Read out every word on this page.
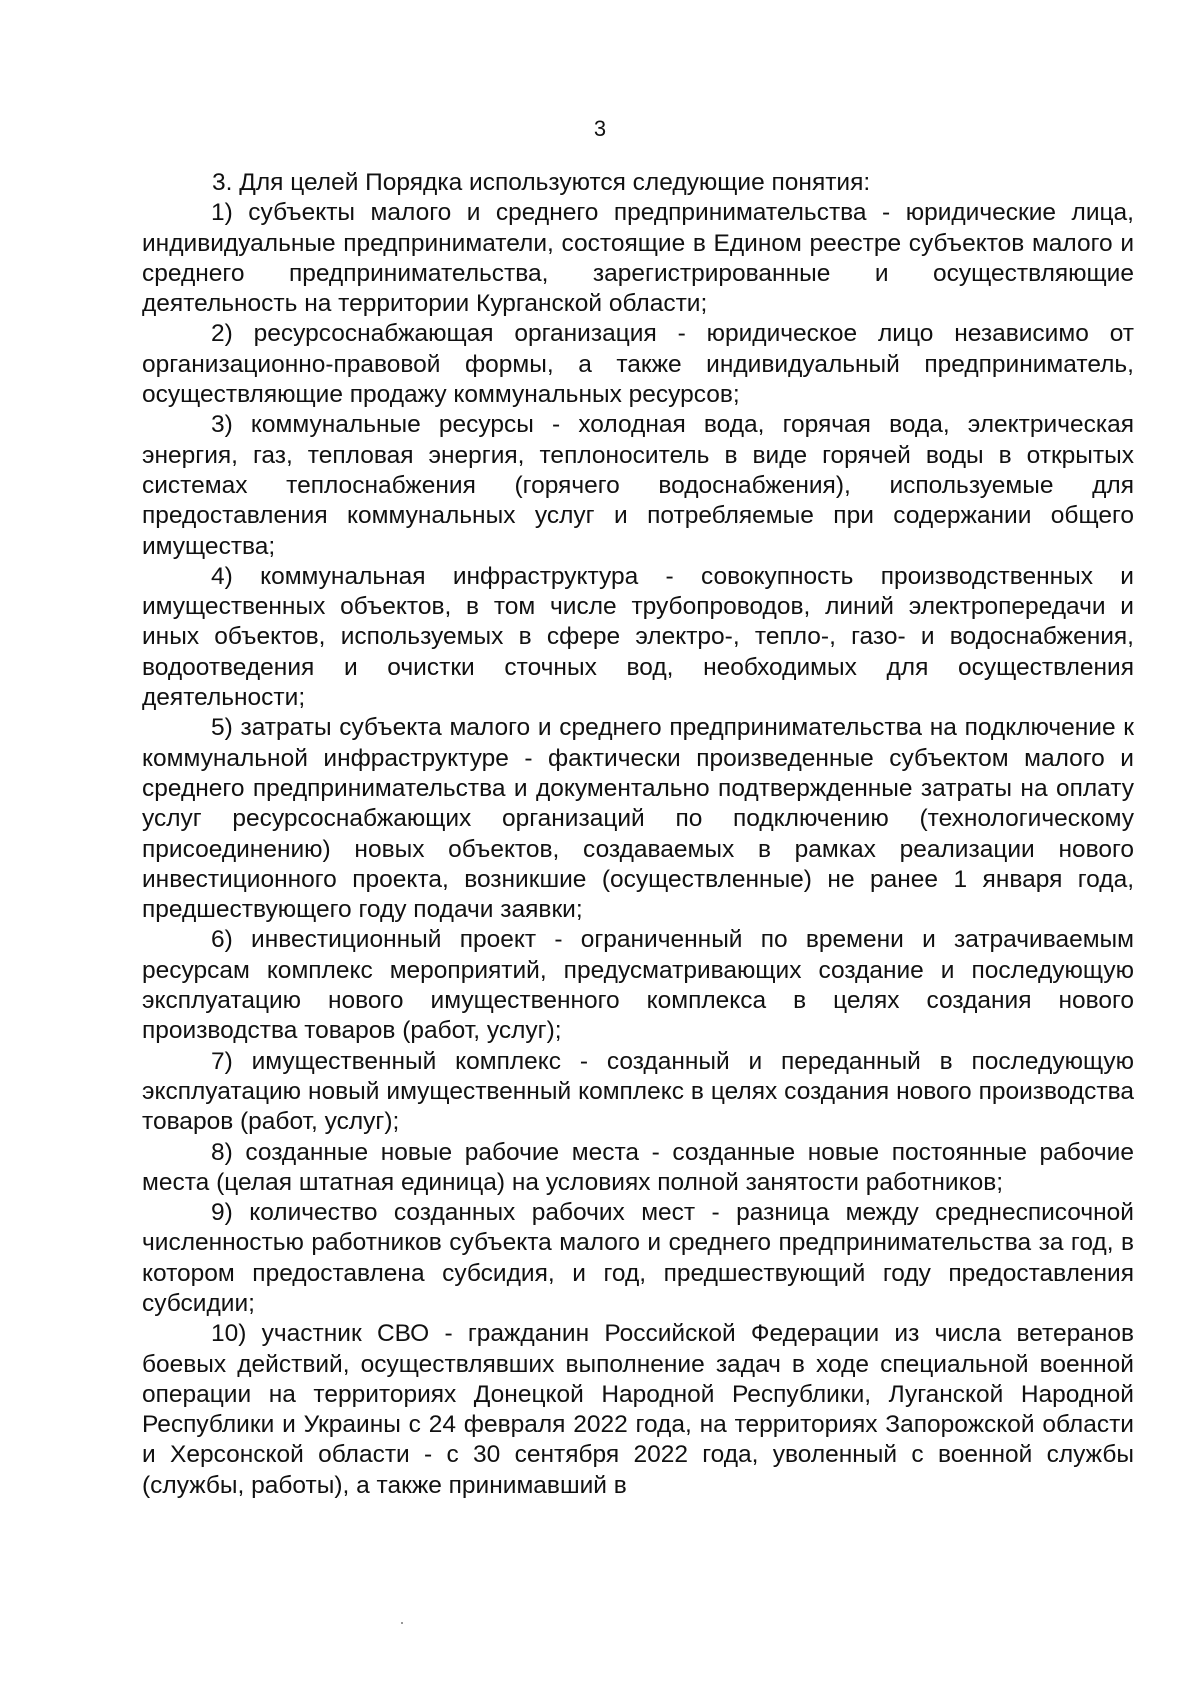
3

3. Для целей Порядка используются следующие понятия:

1) субъекты малого и среднего предпринимательства - юридические лица, индивидуальные предприниматели, состоящие в Едином реестре субъектов малого и среднего предпринимательства, зарегистрированные и осуществляющие деятельность на территории Курганской области;

2) ресурсоснабжающая организация - юридическое лицо независимо от организационно-правовой формы, а также индивидуальный предприниматель, осуществляющие продажу коммунальных ресурсов;

3) коммунальные ресурсы - холодная вода, горячая вода, электрическая энергия, газ, тепловая энергия, теплоноситель в виде горячей воды в открытых системах теплоснабжения (горячего водоснабжения), используемые для предоставления коммунальных услуг и потребляемые при содержании общего имущества;

4) коммунальная инфраструктура - совокупность производственных и имущественных объектов, в том числе трубопроводов, линий электропередачи и иных объектов, используемых в сфере электро-, тепло-, газо- и водоснабжения, водоотведения и очистки сточных вод, необходимых для осуществления деятельности;

5) затраты субъекта малого и среднего предпринимательства на подключение к коммунальной инфраструктуре - фактически произведенные субъектом малого и среднего предпринимательства и документально подтвержденные затраты на оплату услуг ресурсоснабжающих организаций по подключению (технологическому присоединению) новых объектов, создаваемых в рамках реализации нового инвестиционного проекта, возникшие (осуществленные) не ранее 1 января года, предшествующего году подачи заявки;

6) инвестиционный проект - ограниченный по времени и затрачиваемым ресурсам комплекс мероприятий, предусматривающих создание и последующую эксплуатацию нового имущественного комплекса в целях создания нового производства товаров (работ, услуг);

7) имущественный комплекс - созданный и переданный в последующую эксплуатацию новый имущественный комплекс в целях создания нового производства товаров (работ, услуг);

8) созданные новые рабочие места - созданные новые постоянные рабочие места (целая штатная единица) на условиях полной занятости работников;

9) количество созданных рабочих мест - разница между среднесписочной численностью работников субъекта малого и среднего предпринимательства за год, в котором предоставлена субсидия, и год, предшествующий году предоставления субсидии;

10) участник СВО - гражданин Российской Федерации из числа ветеранов боевых действий, осуществлявших выполнение задач в ходе специальной военной операции на территориях Донецкой Народной Республики, Луганской Народной Республики и Украины с 24 февраля 2022 года, на территориях Запорожской области и Херсонской области - с 30 сентября 2022 года, уволенный с военной службы (службы, работы), а также принимавший в
